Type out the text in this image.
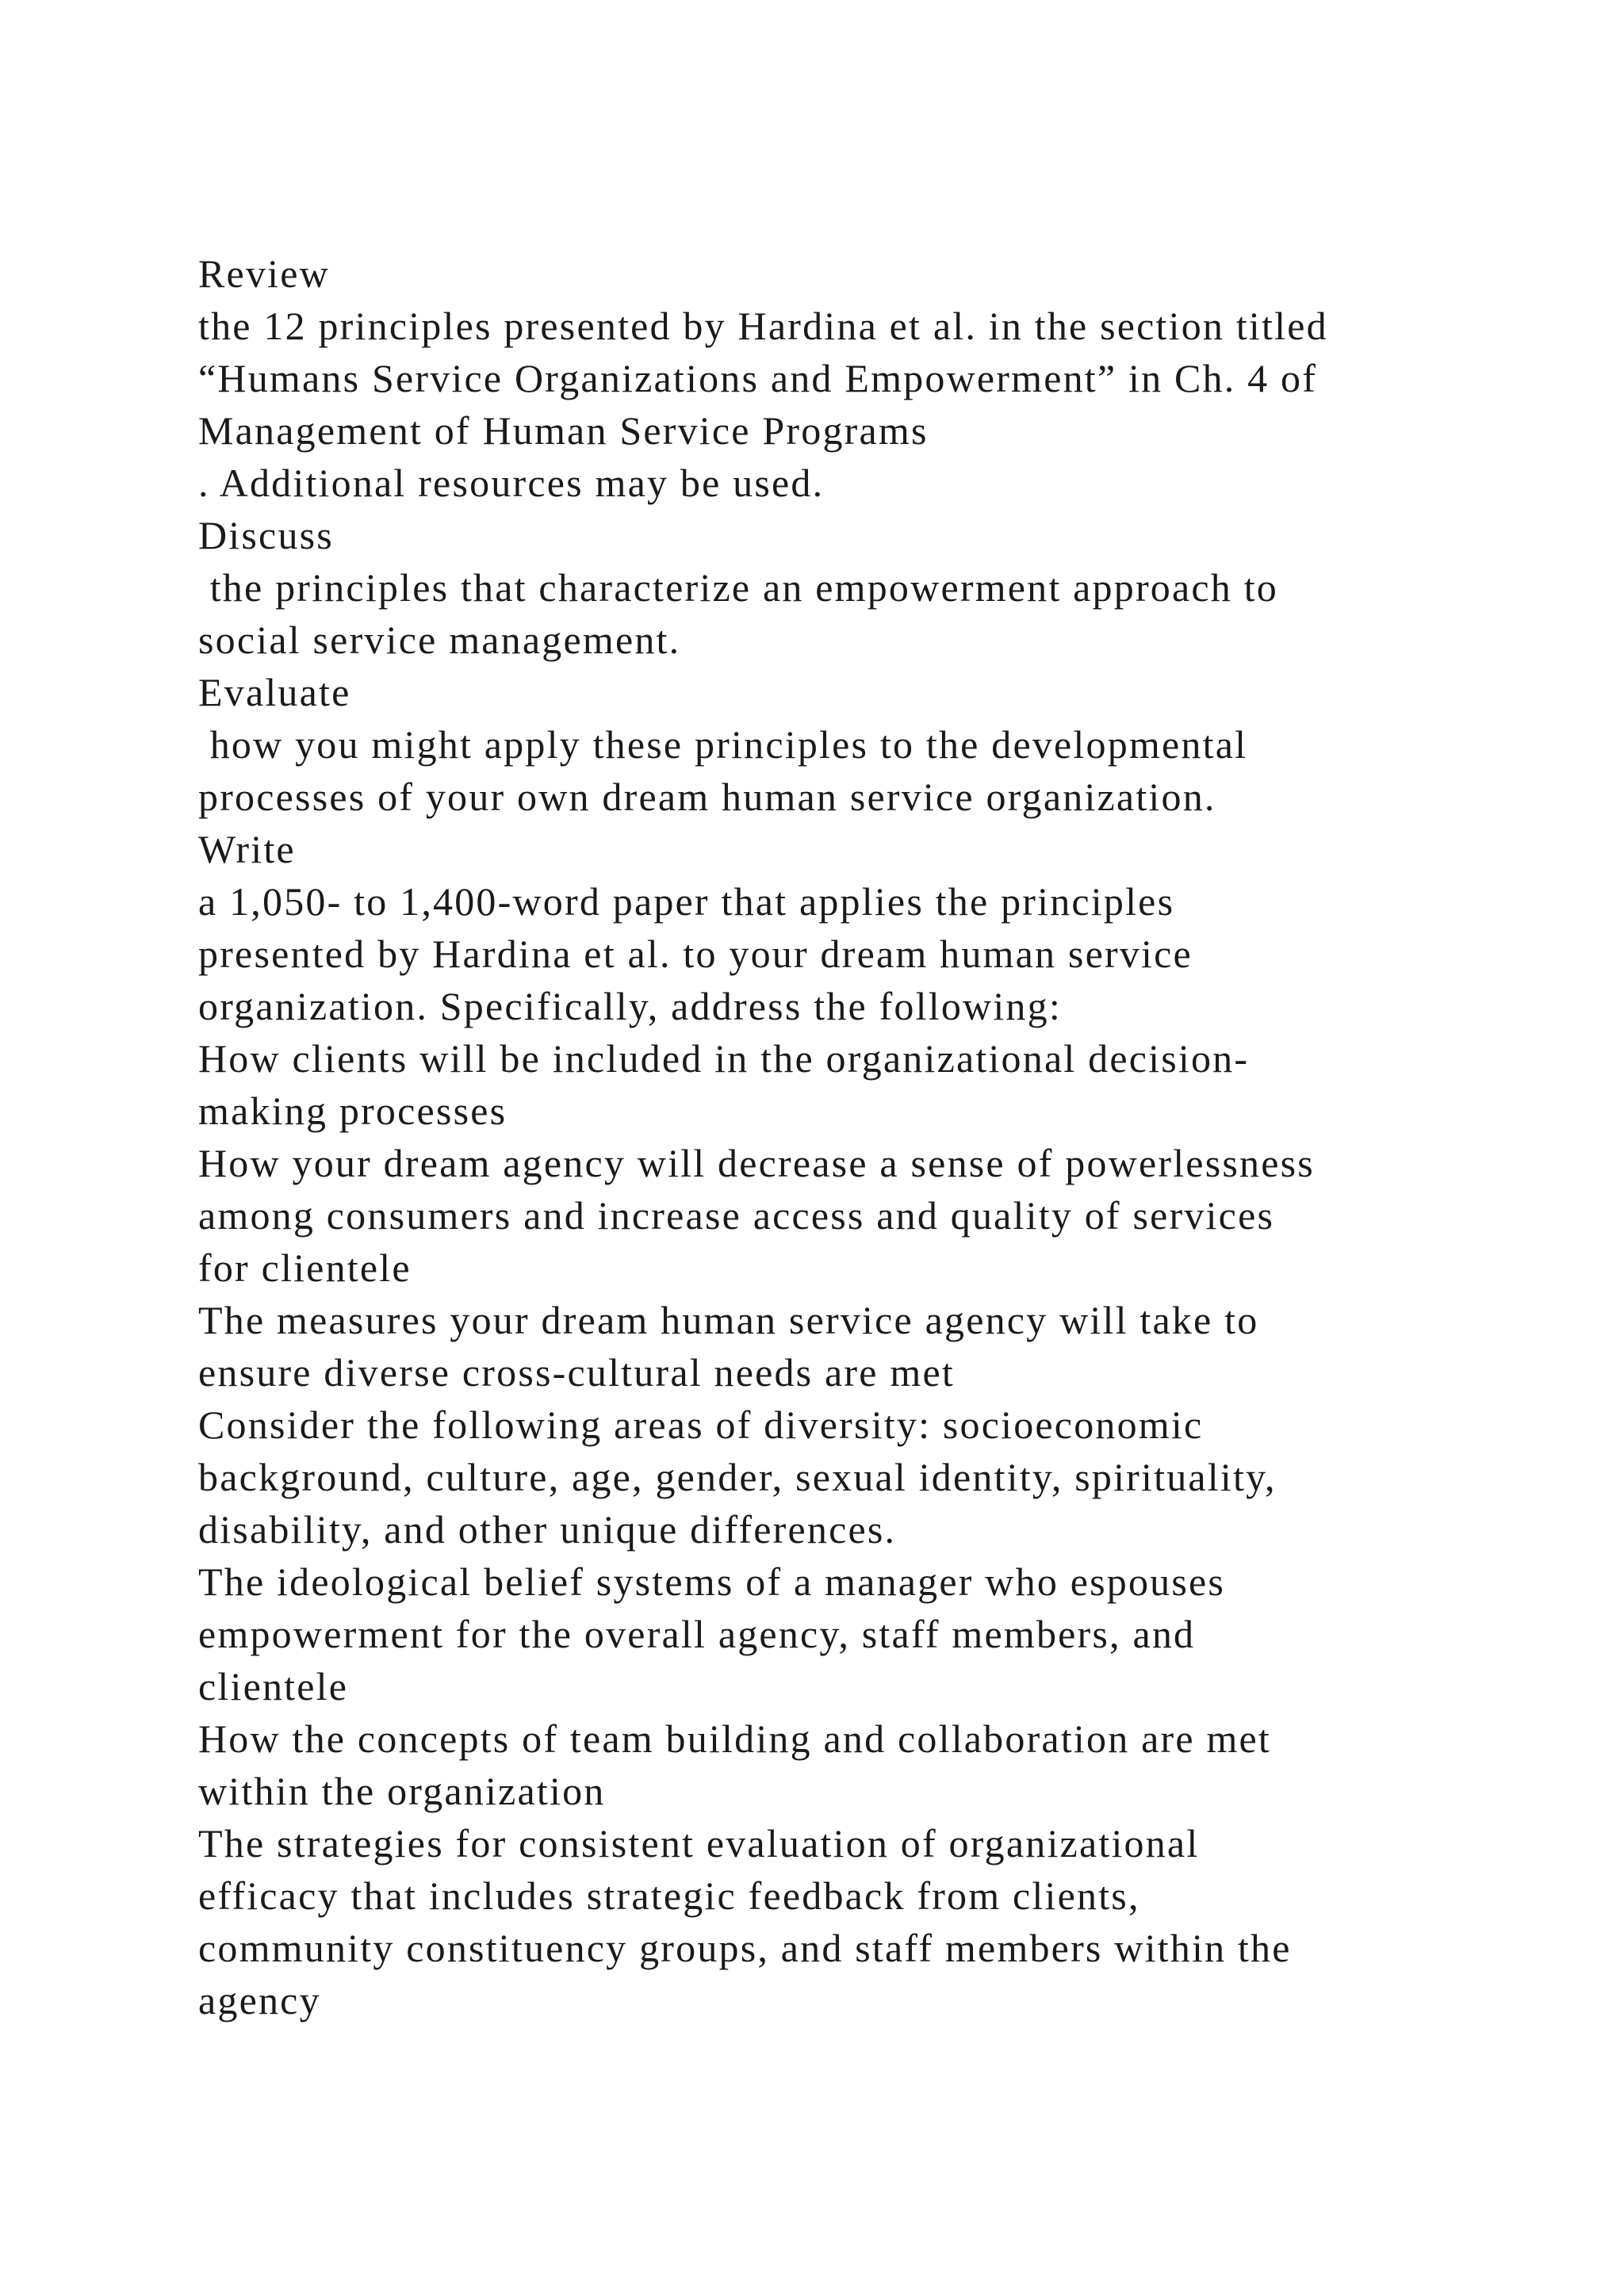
Review
the 12 principles presented by Hardina et al. in the section titled
“Humans Service Organizations and Empowerment” in Ch. 4 of
Management of Human Service Programs
. Additional resources may be used.
Discuss
the principles that characterize an empowerment approach to
social service management.
Evaluate
how you might apply these principles to the developmental
processes of your own dream human service organization.
Write
a 1,050- to 1,400-word paper that applies the principles
presented by Hardina et al. to your dream human service
organization. Specifically, address the following:
How clients will be included in the organizational decision-
making processes
How your dream agency will decrease a sense of powerlessness
among consumers and increase access and quality of services
for clientele
The measures your dream human service agency will take to
ensure diverse cross-cultural needs are met
Consider the following areas of diversity: socioeconomic
background, culture, age, gender, sexual identity, spirituality,
disability, and other unique differences.
The ideological belief systems of a manager who espouses
empowerment for the overall agency, staff members, and
clientele
How the concepts of team building and collaboration are met
within the organization
The strategies for consistent evaluation of organizational
efficacy that includes strategic feedback from clients,
community constituency groups, and staff members within the
agency
